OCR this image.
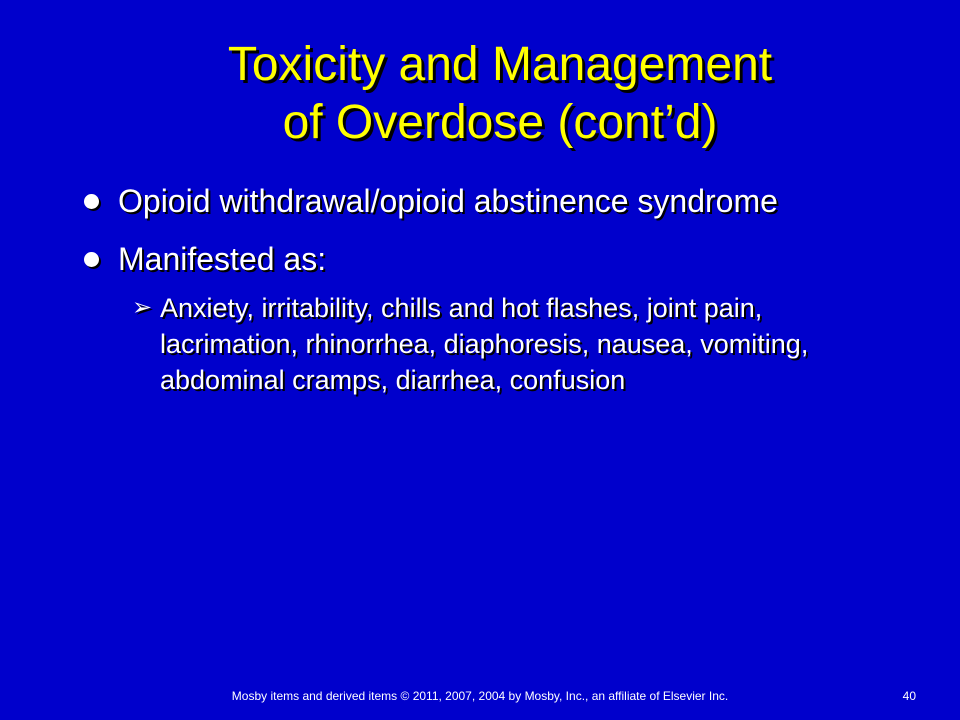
Toxicity and Management
of Overdose (cont’d)
Opioid withdrawal/opioid abstinence syndrome
Manifested as:
➢ Anxiety, irritability, chills and hot flashes, joint pain, lacrimation, rhinorrhea, diaphoresis, nausea, vomiting, abdominal cramps, diarrhea, confusion
Mosby items and derived items © 2011, 2007, 2004 by Mosby, Inc., an affiliate of Elsevier Inc.	40
